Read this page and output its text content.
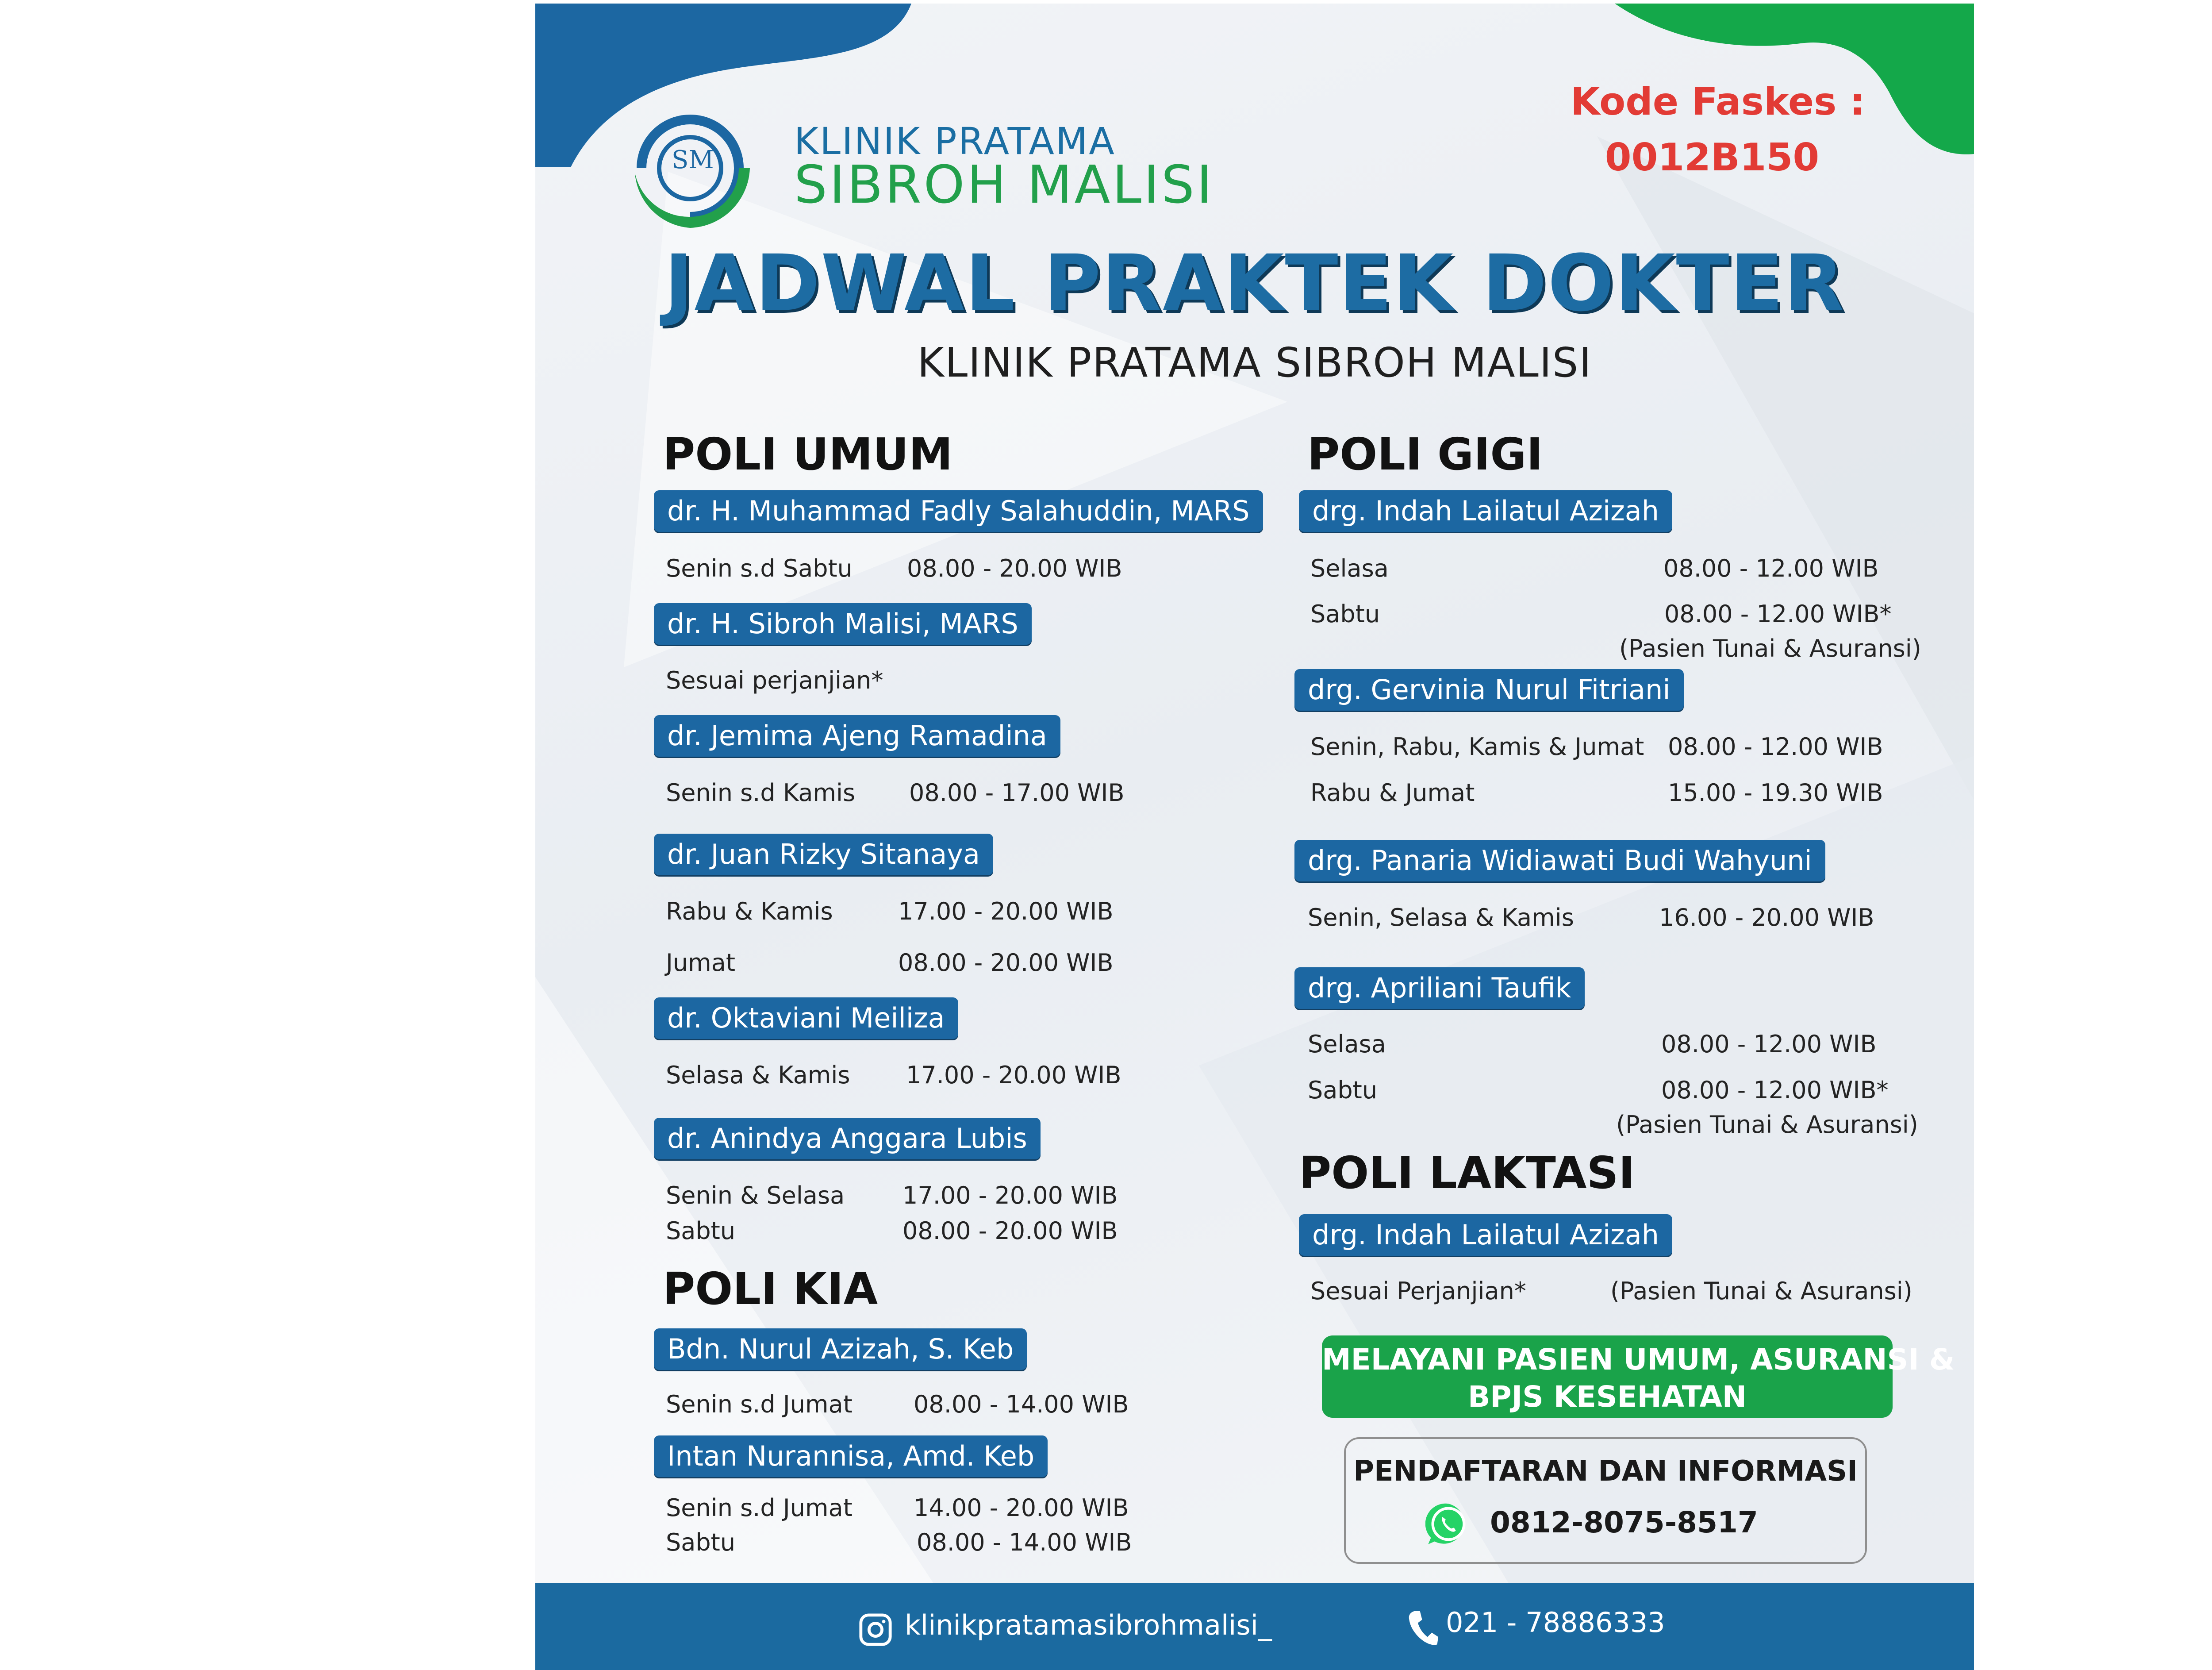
SM KLINIK PRATAMA
SIBROH MALISI
Kode Faskes :
0012B150
JADWAL PRAKTEK DOKTER
KLINIK PRATAMA SIBROH MALISI
POLI UMUM
dr. H. Muhammad Fadly Salahuddin, MARS
Senin s.d Sabtu 08.00 - 20.00 WIB
dr. H. Sibroh Malisi, MARS
Sesuai perjanjian*
dr. Jemima Ajeng Ramadina
Senin s.d Kamis 08.00 - 17.00 WIB
dr. Juan Rizky Sitanaya
Rabu & Kamis	17.00 - 20.00 WIB
Jumat	08.00 - 20.00 WIB
dr. Oktaviani Meiliza
Selasa & Kamis 17.00 - 20.00 WIB
dr. Anindya Anggara Lubis
Senin & Selasa 17.00 - 20.00 WIB
Sabtu	08.00 - 20.00 WIB
POLI KIA
Bdn. Nurul Azizah, S. Keb
Senin s.d Jumat	08.00 - 14.00 WIB
Intan Nurannisa, Amd. Keb
Senin s.d Jumat	14.00 - 20.00 WIB
Sabtu	08.00 - 14.00 WIB
POLI GIGI
drg. Indah Lailatul Azizah
Selasa	08.00 - 12.00 WIB
Sabtu	08.00 - 12.00 WIB*
(Pasien Tunai & Asuransi)
drg. Gervinia Nurul Fitriani
Senin, Rabu, Kamis & Jumat 08.00 - 12.00 WIB
Rabu & Jumat	15.00 - 19.30 WIB
drg. Panaria Widiawati Budi Wahyuni
Senin, Selasa & Kamis	16.00 - 20.00 WIB
drg. Apriliani Taufik
Selasa	08.00 - 12.00 WIB
Sabtu	08.00 - 12.00 WIB*
(Pasien Tunai & Asuransi)
POLI LAKTASI
drg. Indah Lailatul Azizah
Sesuai Perjanjian*	(Pasien Tunai & Asuransi)
MELAYANI PASIEN UMUM, ASURANSI &
BPJS KESEHATAN
PENDAFTARAN DAN INFORMASI
0812-8075-8517
klinikpratamasibrohmalisi_	021 - 78886333
